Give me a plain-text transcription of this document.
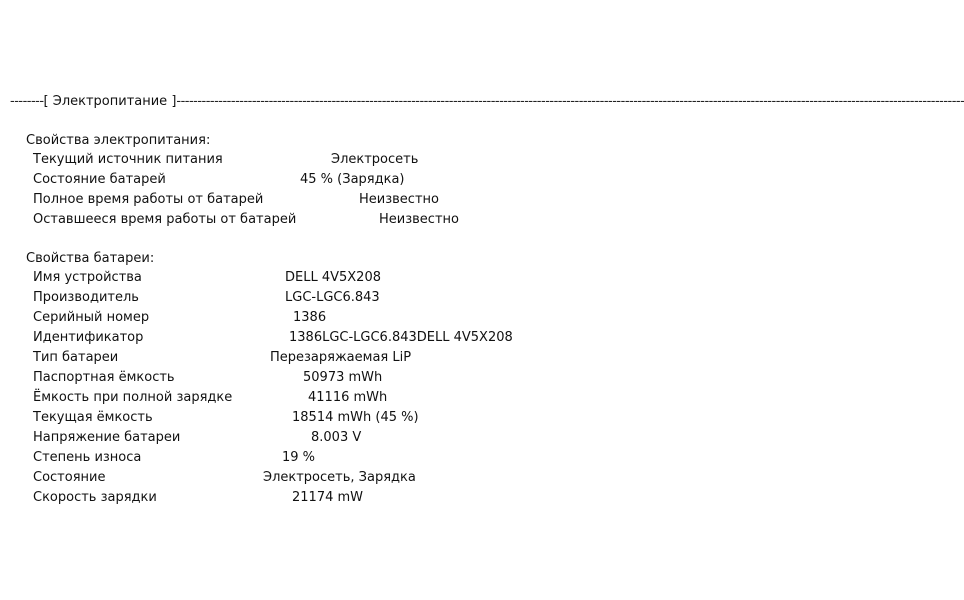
-------- [ Электропитание ] --------------------------------------------------------------------------------------------------------------------------------------------------------------------------------------------
Свойства электропитания:
Текущий источник питания	Электросеть
Состояние батарей	45 % (Зарядка)
Полное время работы от батарей	Неизвестно
Оставшееся время работы от батарей	Неизвестно
Свойства батареи:
Имя устройства	DELL 4V5X208
Производитель	LGC-LGC6.843
Серийный номер	1386
Идентификатор	1386LGC-LGC6.843DELL 4V5X208
Тип батареи	Перезаряжаемая LiP
Паспортная ёмкость	50973 mWh
Ёмкость при полной зарядке	41116 mWh
Текущая ёмкость	18514 mWh (45 %)
Напряжение батареи	8.003 V
Степень износа	19 %
Состояние	Электросеть, Зарядка
Скорость зарядки	21174 mW
